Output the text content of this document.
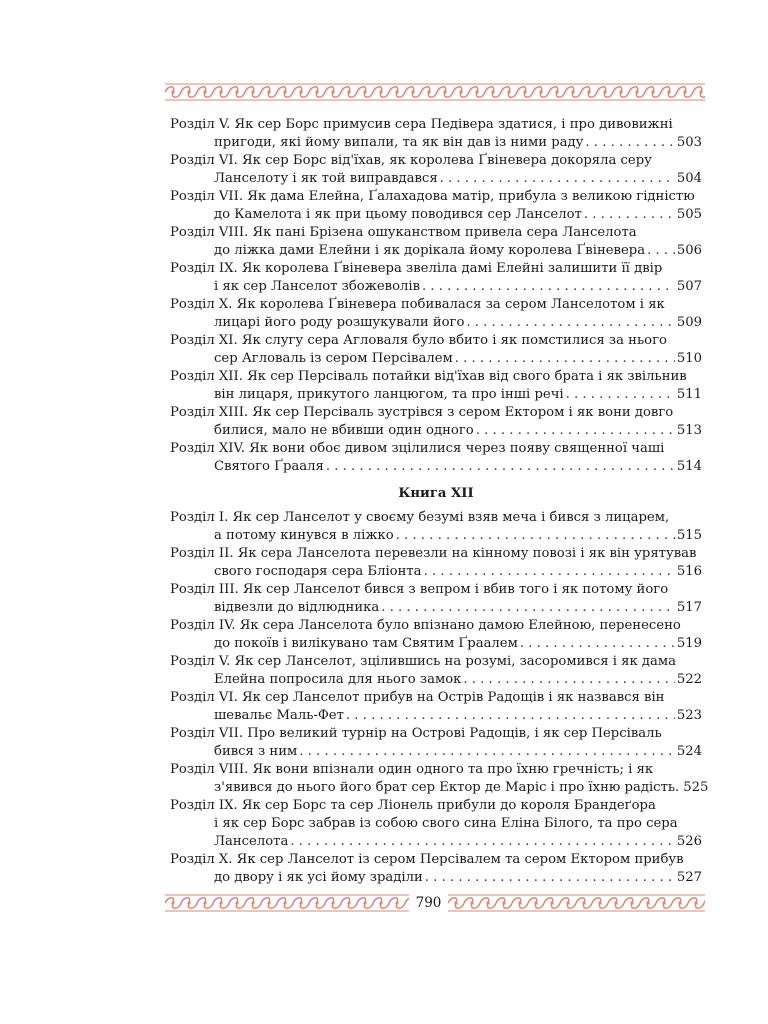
Розділ V. Як сер Борс примусив сера Педівера здатися, і про дивовижні
пригоди, які йому випали, та як він дав із ними раду . . .	503
Розділ VI. Як сер Борс від'їхав, як королева Ґвіневера докоряла серу
Ланселоту і як той виправдався . . .	504
Розділ VII. Як дама Елейна, Ґалахадова матір, прибула з великою гідністю
до Камелота і як при цьому поводився сер Ланселот . . .	505
Розділ VIII. Як пані Брізена ошуканством привела сера Ланселота
до ліжка дами Елейни і як дорікала йому королева Ґвіневера . . . 506
Розділ IX. Як королева Ґвіневера звеліла дамі Елейні залишити її двір
і як сер Ланселот збожеволів . . .	507
Розділ X. Як королева Ґвіневера побивалася за сером Ланселотом і як
лицарі його роду розшукували його . . .	509
Розділ XI. Як слугу сера Агловаля було вбито і як помстилися за нього
сер Агловаль із сером Персівалем . . .	510
Розділ XII. Як сер Персіваль потайки від'їхав від свого брата і як звільнив
він лицаря, прикутого ланцюгом, та про інші речі . . .	511
Розділ XIII. Як сер Персіваль зустрівся з сером Ектором і як вони довго
билися, мало не вбивши один одного . . .	513
Розділ XIV. Як вони обоє дивом зцілилися через появу священної чаші
Святого Ґрааля . . .	514
Книга XII
Розділ I. Як сер Ланселот у своєму безумі взяв меча і бився з лицарем,
а потому кинувся в ліжко . . .	515
Розділ II. Як сера Ланселота перевезли на кінному повозі і як він урятував
свого господаря сера Бліонта . . .	516
Розділ III. Як сер Ланселот бився з вепром і вбив того і як потому його
відвезли до відлюдника . . .	517
Розділ IV. Як сера Ланселота було впізнано дамою Елейною, перенесено
до покоїв і вилікувано там Святим Ґраалем . . .	519
Розділ V. Як сер Ланселот, зцілившись на розумі, засоромився і як дама
Елейна попросила для нього замок . . .	522
Розділ VI. Як сер Ланселот прибув на Острів Радощів і як назвався він
шевальє Маль-Фет . . .	523
Розділ VII. Про великий турнір на Острові Радощів, і як сер Персіваль
бився з ним . . .	524
Розділ VIII. Як вони впізнали один одного та про їхню гречність; і як
з'явився до нього його брат сер Ектор де Маріс і про їхню радість. 525
Розділ IX. Як сер Борс та сер Ліонель прибули до короля Брандеґора
і як сер Борс забрав із собою свого сина Еліна Білого, та про сера
Ланселота . . .	526
Розділ X. Як сер Ланселот із сером Персівалем та сером Ектором прибув
до двору і як усі йому зраділи . . .	527
790
